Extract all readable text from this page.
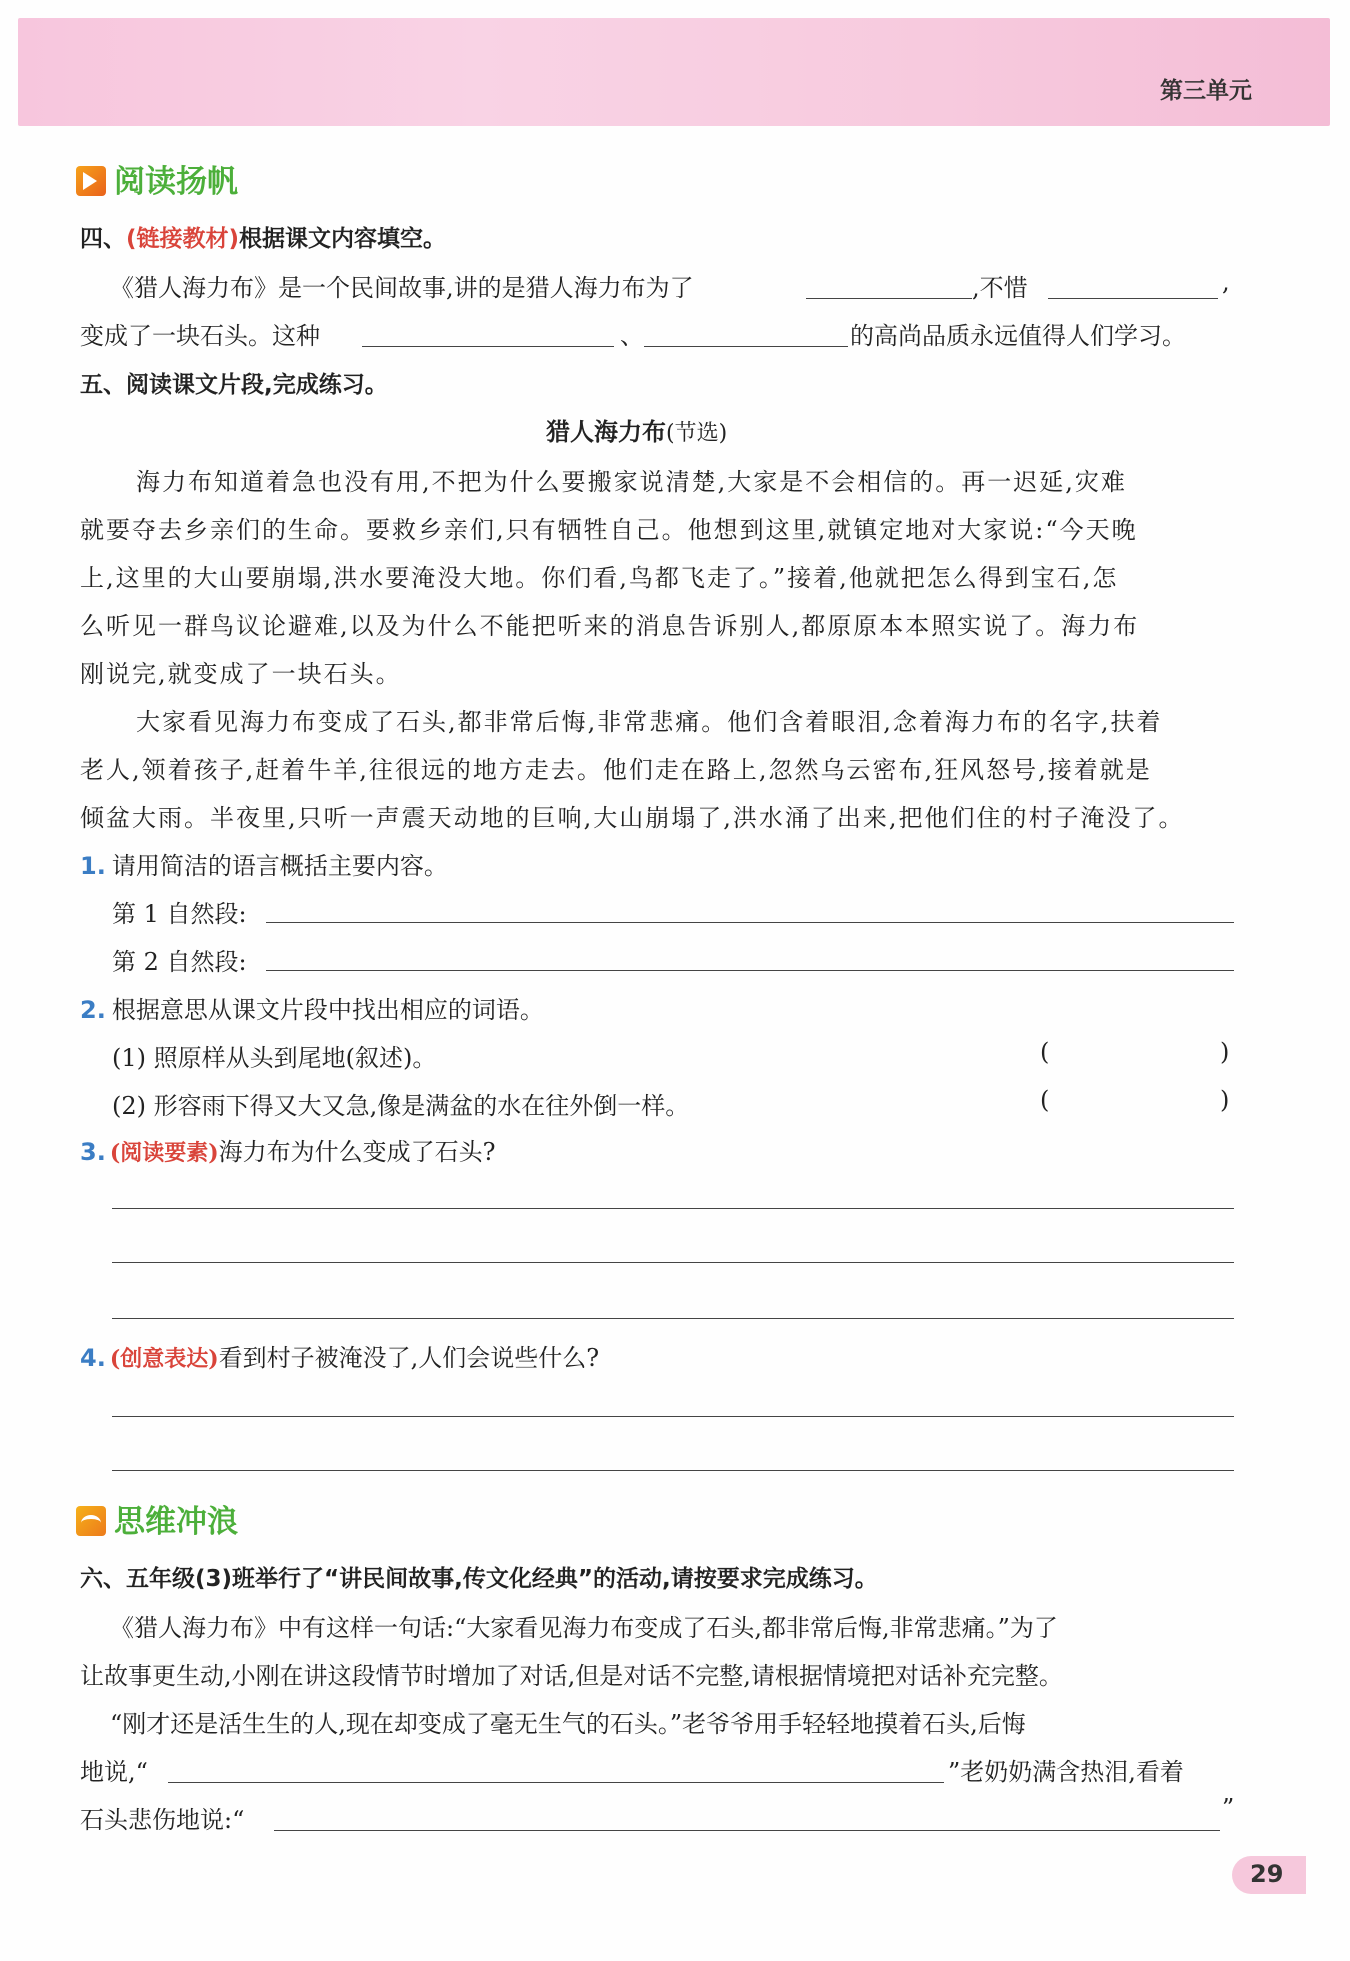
第三单元
阅读扬帆
四、(链接教材)根据课文内容填空。
《猎人海力布》是一个民间故事,讲的是猎人海力布为了	,不惜	,
变成了一块石头。这种	、	的高尚品质永远值得人们学习。
五、阅读课文片段,完成练习。
猎人海力布(节选)
海力布知道着急也没有用,不把为什么要搬家说清楚,大家是不会相信的。再一迟延,灾难
就要夺去乡亲们的生命。要救乡亲们,只有牺牲自己。他想到这里,就镇定地对大家说:“今天晚
上,这里的大山要崩塌,洪水要淹没大地。你们看,鸟都飞走了。”接着,他就把怎么得到宝石,怎
么听见一群鸟议论避难,以及为什么不能把听来的消息告诉别人,都原原本本照实说了。海力布
刚说完,就变成了一块石头。
大家看见海力布变成了石头,都非常后悔,非常悲痛。他们含着眼泪,念着海力布的名字,扶着
老人,领着孩子,赶着牛羊,往很远的地方走去。他们走在路上,忽然乌云密布,狂风怒号,接着就是
倾盆大雨。半夜里,只听一声震天动地的巨响,大山崩塌了,洪水涌了出来,把他们住的村子淹没了。
1. 请用简洁的语言概括主要内容。
第 1 自然段:
第 2 自然段:
2. 根据意思从课文片段中找出相应的词语。
(1) 照原样从头到尾地(叙述)。	(	)
(2) 形容雨下得又大又急,像是满盆的水在往外倒一样。	(	)
3. (阅读要素)海力布为什么变成了石头?
4. (创意表达)看到村子被淹没了,人们会说些什么?
思维冲浪
六、五年级(3)班举行了“讲民间故事,传文化经典”的活动,请按要求完成练习。
《猎人海力布》中有这样一句话:“大家看见海力布变成了石头,都非常后悔,非常悲痛。”为了
让故事更生动,小刚在讲这段情节时增加了对话,但是对话不完整,请根据情境把对话补充完整。
“刚才还是活生生的人,现在却变成了毫无生气的石头。”老爷爷用手轻轻地摸着石头,后悔
地说,“	”老奶奶满含热泪,看着
石头悲伤地说:“	”
29
